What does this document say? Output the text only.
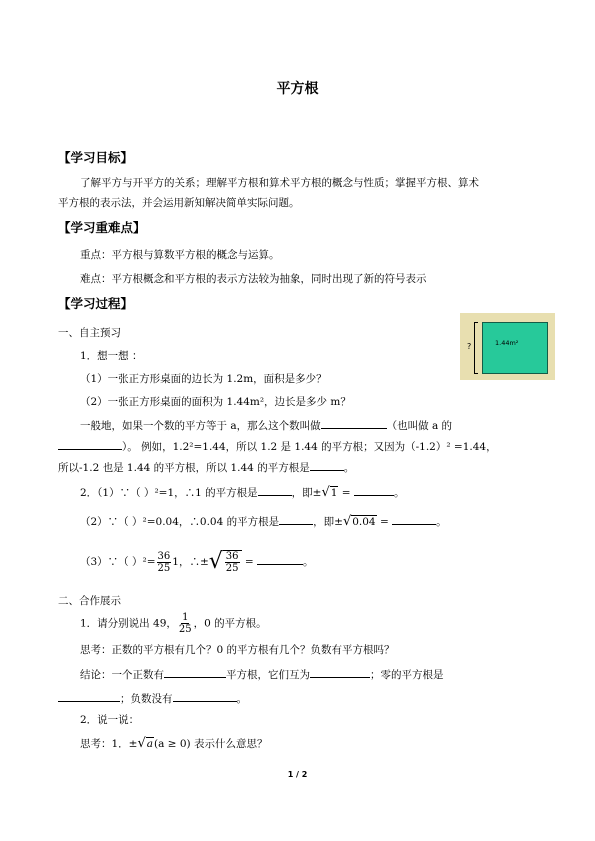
平方根
【学习目标】
了解平方与开平方的关系；理解平方根和算术平方根的概念与性质；掌握平方根、算术
平方根的表示法，并会运用新知解决简单实际问题。
【学习重难点】
重点：平方根与算数平方根的概念与运算。
难点：平方根概念和平方根的表示方法较为抽象，同时出现了新的符号表示
【学习过程】
一、自主预习
1．想一想 ：
（1）一张正方形桌面的边长为 1.2m，面积是多少？
（2）一张正方形桌面的面积为 1.44m²，边长是多少 m？
?	1.44m²
一般地，如果一个数的平方等于 a，那么这个数叫做	（也叫做 a 的
）。 例如，1.2²=1.44，所以 1.2 是 1.44 的平方根；又因为（-1.2）² =1.44，
所以-1.2 也是 1.44 的平方根，所以 1.44 的平方根是	。
2．（1）∵（ ）²=1，∴1 的平方根是	，即± √ 1 =	。
（2）∵（ ）²=0.04，∴0.04 的平方根是	，即± √ 0.04 =	。
（3）∵（ ）$^2= \frac{36}{25} 1$，∴± √ $\frac{36}{25}$ =	。
二、合作展示
1．请分别说出 49， $\frac{1}{25}$ ，0 的平方根。
思考：正数的平方根有几个？0 的平方根有几个？负数有平方根吗？
结论：一个正数有	平方根，它们互为	；零的平方根是
；负数没有	。
2．说一说：
思考：1．± √ a (a ≥ 0) 表示什么意思？
1 / 2
